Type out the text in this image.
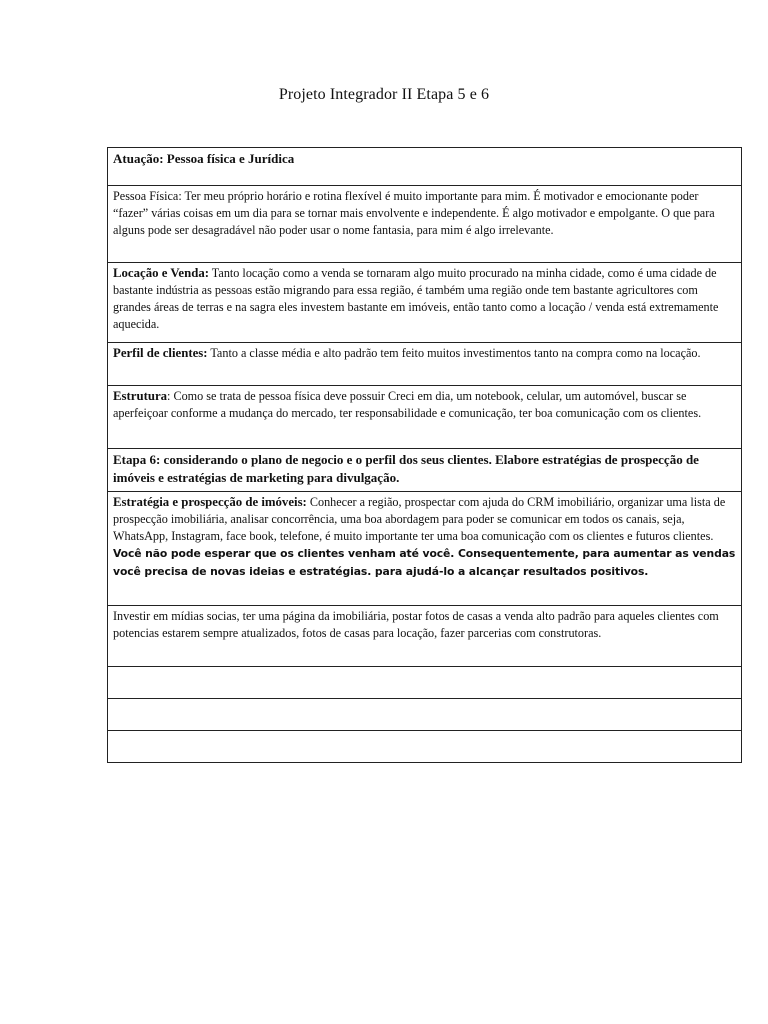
Projeto Integrador II Etapa 5 e 6
Atuação: Pessoa física e Jurídica
Pessoa Física: Ter meu próprio horário e rotina flexível é muito importante para mim. É motivador e emocionante poder “fazer” várias coisas em um dia para se tornar mais envolvente e independente. É algo motivador e empolgante. O que para alguns pode ser desagradável não poder usar o nome fantasia, para mim é algo irrelevante.
Locação e Venda: Tanto locação como a venda se tornaram algo muito procurado na minha cidade, como é uma cidade de bastante indústria as pessoas estão migrando para essa região, é também uma região onde tem bastante agricultores com grandes áreas de terras e na sagra eles investem bastante em imóveis, então tanto como a locação / venda está extremamente aquecida.
Perfil de clientes: Tanto a classe média e alto padrão tem feito muitos investimentos tanto na compra como na locação.
Estrutura: Como se trata de pessoa física deve possuir Creci em dia, um notebook, celular, um automóvel, buscar se aperfeiçoar conforme a mudança do mercado, ter responsabilidade e comunicação, ter boa comunicação com os clientes.
Etapa 6: considerando o plano de negocio e o perfil dos seus clientes. Elabore estratégias de prospecção de imóveis e estratégias de marketing para divulgação.
Estratégia e prospecção de imóveis: Conhecer a região, prospectar com ajuda do CRM imobiliário, organizar uma lista de prospecção imobiliária, analisar concorrência, uma boa abordagem para poder se comunicar em todos os canais, seja, WhatsApp, Instagram, face book, telefone, é muito importante ter uma boa comunicação com os clientes e futuros clientes. Você não pode esperar que os clientes venham até você. Consequentemente, para aumentar as vendas você precisa de novas ideias e estratégias. para ajudá-lo a alcançar resultados positivos.
Investir em mídias socias, ter uma página da imobiliária, postar fotos de casas a venda alto padrão para aqueles clientes com potencias estarem sempre atualizados, fotos de casas para locação, fazer parcerias com construtoras.
